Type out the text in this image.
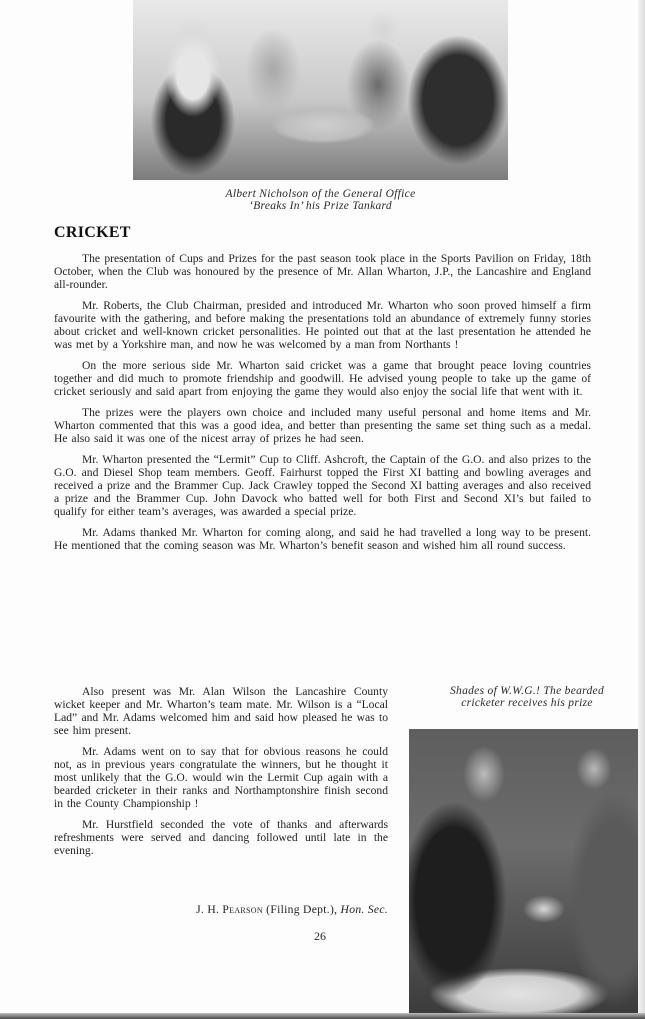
Albert Nicholson of the General Office
‘Breaks In’ his Prize Tankard
CRICKET

The presentation of Cups and Prizes for the past season took place in the Sports Pavilion on Friday, 18th October, when the Club was honoured by the presence of Mr. Allan Wharton, J.P., the Lancashire and England all-rounder.

Mr. Roberts, the Club Chairman, presided and introduced Mr. Wharton who soon proved himself a firm favourite with the gathering, and before making the presentations told an abundance of extremely funny stories about cricket and well-known cricket personalities. He pointed out that at the last presentation he attended he was met by a Yorkshire man, and now he was welcomed by a man from Northants !

On the more serious side Mr. Wharton said cricket was a game that brought peace loving countries together and did much to promote friendship and goodwill. He advised young people to take up the game of cricket seriously and said apart from enjoying the game they would also enjoy the social life that went with it.

The prizes were the players own choice and included many useful personal and home items and Mr. Wharton commented that this was a good idea, and better than presenting the same set thing such as a medal. He also said it was one of the nicest array of prizes he had seen.

Mr. Wharton presented the “Lermit” Cup to Cliff. Ashcroft, the Captain of the G.O. and also prizes to the G.O. and Diesel Shop team members. Geoff. Fairhurst topped the First XI batting and bowling averages and received a prize and the Brammer Cup. Jack Crawley topped the Second XI batting averages and also received a prize and the Brammer Cup. John Davock who batted well for both First and Second XI’s but failed to qualify for either team’s averages, was awarded a special prize.

Mr. Adams thanked Mr. Wharton for coming along, and said he had travelled a long way to be present. He mentioned that the coming season was Mr. Wharton’s benefit season and wished him all round success.

Also present was Mr. Alan Wilson the Lancashire County wicket keeper and Mr. Wharton’s team mate. Mr. Wilson is a “Local Lad” and Mr. Adams welcomed him and said how pleased he was to see him present.

Mr. Adams went on to say that for obvious reasons he could not, as in previous years congratulate the winners, but he thought it most unlikely that the G.O. would win the Lermit Cup again with a bearded cricketer in their ranks and Northamptonshire finish second in the County Championship !

Mr. Hurstfield seconded the vote of thanks and afterwards refreshments were served and dancing followed until late in the evening.

J. H. Pearson (Filing Dept.), Hon. Sec.
26
Shades of W.W.G.! The bearded
cricketer receives his prize
